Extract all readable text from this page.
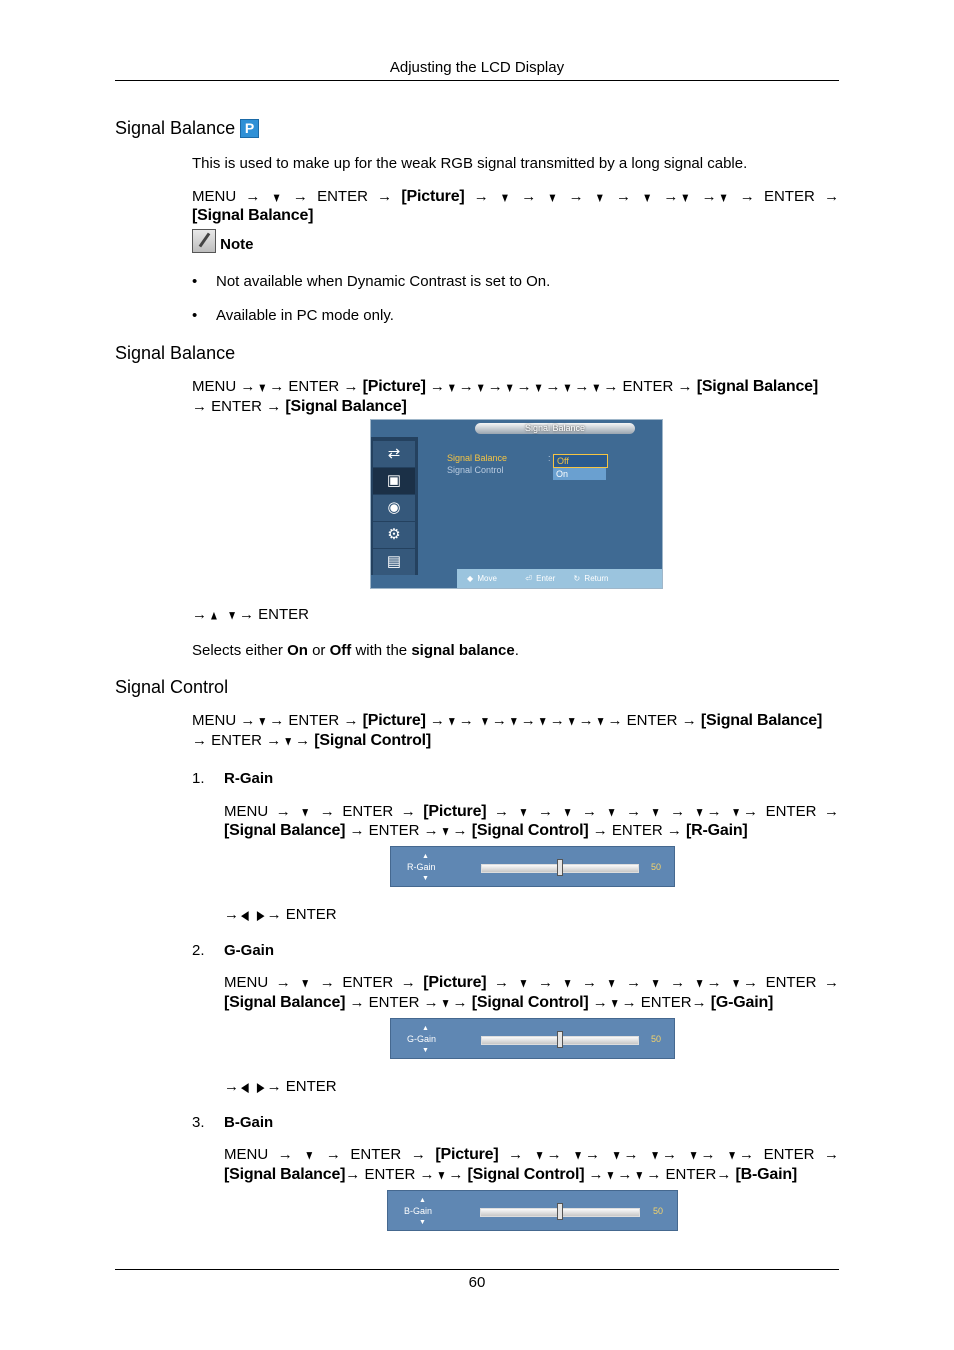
Adjusting the LCD Display
Signal Balance P
This is used to make up for the weak RGB signal transmitted by a long signal cable.
MENU → ▼ → ENTER → [Picture] → ▼ → ▼ → ▼ → ▼ → ▼ → ▼ → ENTER →
[Signal Balance]
Note
• Not available when Dynamic Contrast is set to On.
• Available in PC mode only.
Signal Balance
MENU → ▼ → ENTER → [Picture] → ▼ → ▼ → ▼ → ▼ → ▼ → ▼ → ENTER → [Signal Balance]
→ ENTER → [Signal Balance]
Signal Balance
⇄
▣
◉
⚙
▤
Signal Balance
Signal Control
: Off
On
◆ Move	⏎ Enter ↻ Return
→ ▲ ▼ → ENTER
Selects either On or Off with the signal balance.
Signal Control
MENU → ▼ → ENTER → [Picture] → ▼ → ▼ → ▼ → ▼ → ▼ → ▼ → ENTER → [Signal Balance]
→ ENTER → ▼ → [Signal Control]
1. R-Gain
MENU → ▼ → ENTER → [Picture] → ▼ → ▼ → ▼ → ▼ → ▼ → ▼ → ENTER →
[Signal Balance] → ENTER → ▼ → [Signal Control] → ENTER → [R-Gain]
▲
R-Gain
▼
50
→ ◀ ▶ → ENTER
2. G-Gain
MENU → ▼ → ENTER → [Picture] → ▼ → ▼ → ▼ → ▼ → ▼ → ▼ → ENTER →
[Signal Balance] → ENTER → ▼ → [Signal Control] → ▼ → ENTER→ [G-Gain]
▲
G-Gain
▼
50
→ ◀ ▶ → ENTER
3. B-Gain
MENU → ▼ → ENTER → [Picture] → ▼ → ▼ → ▼ → ▼ → ▼ → ▼ → ENTER →
[Signal Balance]→ ENTER → ▼ → [Signal Control] → ▼ → ▼ → ENTER→ [B-Gain]
▲
B-Gain
▼
50
60
